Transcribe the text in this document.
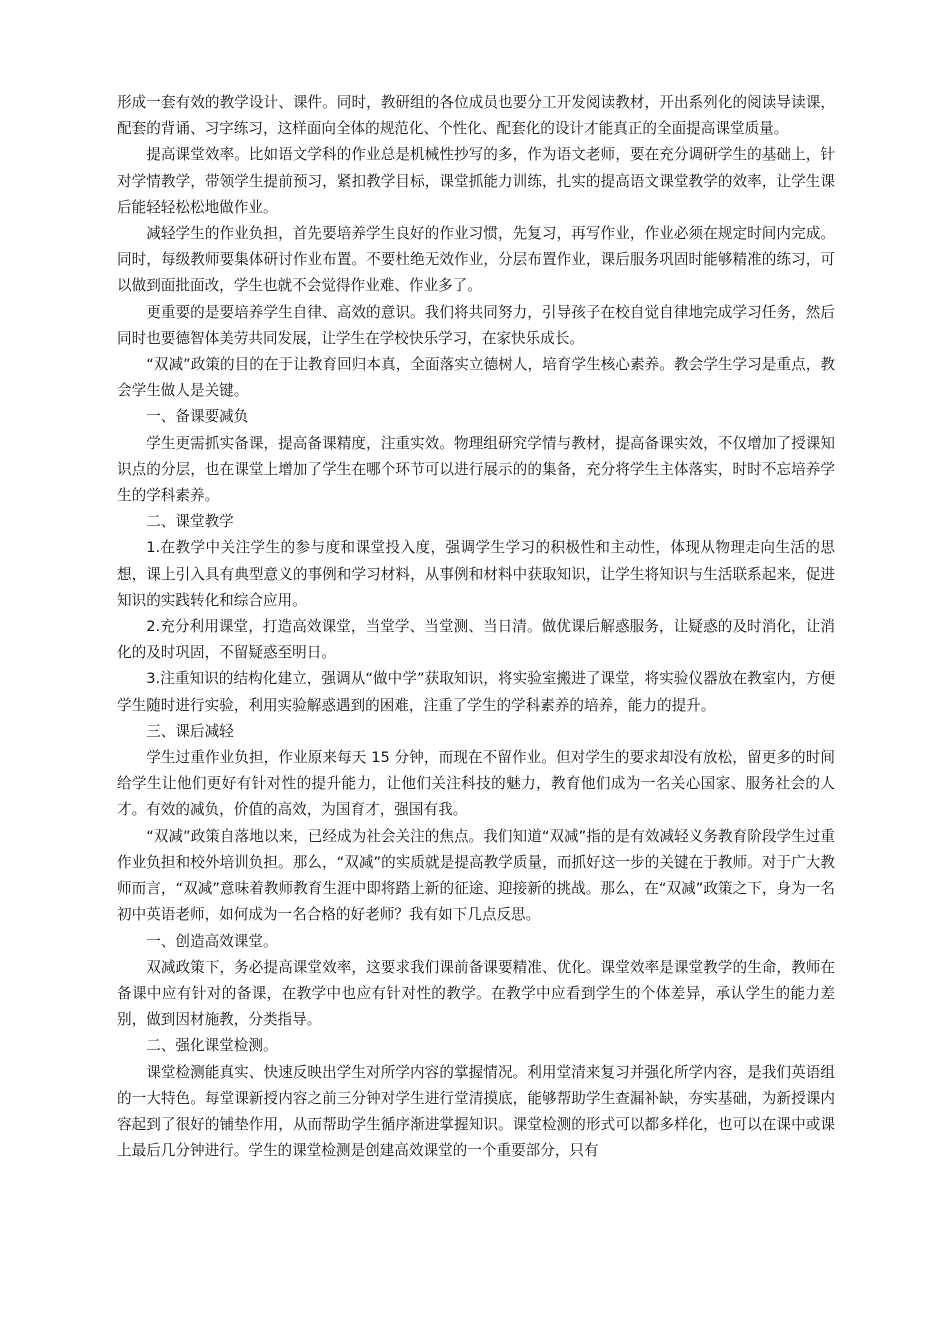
形成一套有效的教学设计、课件。同时，教研组的各位成员也要分工开发阅读教材，开出系列化的阅读导读课，配套的背诵、习字练习，这样面向全体的规范化、个性化、配套化的设计才能真正的全面提高课堂质量。

提高课堂效率。比如语文学科的作业总是机械性抄写的多，作为语文老师，要在充分调研学生的基础上，针对学情教学，带领学生提前预习，紧扣教学目标，课堂抓能力训练，扎实的提高语文课堂教学的效率，让学生课后能轻轻松松地做作业。

减轻学生的作业负担，首先要培养学生良好的作业习惯，先复习，再写作业，作业必须在规定时间内完成。同时，每级教师要集体研讨作业布置。不要杜绝无效作业，分层布置作业，课后服务巩固时能够精准的练习，可以做到面批面改，学生也就不会觉得作业难、作业多了。

更重要的是要培养学生自律、高效的意识。我们将共同努力，引导孩子在校自觉自律地完成学习任务，然后同时也要德智体美劳共同发展，让学生在学校快乐学习，在家快乐成长。

“双减”政策的目的在于让教育回归本真，全面落实立德树人，培育学生核心素养。教会学生学习是重点，教会学生做人是关键。

一、备课要减负

学生更需抓实备课，提高备课精度，注重实效。物理组研究学情与教材，提高备课实效，不仅增加了授课知识点的分层，也在课堂上增加了学生在哪个环节可以进行展示的的集备，充分将学生主体落实，时时不忘培养学生的学科素养。

二、课堂教学

1.在教学中关注学生的参与度和课堂投入度，强调学生学习的积极性和主动性，体现从物理走向生活的思想，课上引入具有典型意义的事例和学习材料，从事例和材料中获取知识，让学生将知识与生活联系起来，促进知识的实践转化和综合应用。

2.充分利用课堂，打造高效课堂，当堂学、当堂测、当日清。做优课后解惑服务，让疑惑的及时消化，让消化的及时巩固，不留疑惑至明日。

3.注重知识的结构化建立，强调从“做中学”获取知识，将实验室搬进了课堂，将实验仪器放在教室内，方便学生随时进行实验，利用实验解惑遇到的困难，注重了学生的学科素养的培养，能力的提升。

三、课后减轻

学生过重作业负担，作业原来每天 15 分钟，而现在不留作业。但对学生的要求却没有放松，留更多的时间给学生让他们更好有针对性的提升能力，让他们关注科技的魅力，教育他们成为一名关心国家、服务社会的人才。有效的减负，价值的高效，为国育才，强国有我。

“双减”政策自落地以来，已经成为社会关注的焦点。我们知道“双减”指的是有效减轻义务教育阶段学生过重作业负担和校外培训负担。那么，“双减”的实质就是提高教学质量，而抓好这一步的关键在于教师。对于广大教师而言，“双减”意味着教师教育生涯中即将踏上新的征途、迎接新的挑战。那么，在“双减”政策之下，身为一名初中英语老师，如何成为一名合格的好老师？我有如下几点反思。

一、创造高效课堂。

双减政策下，务必提高课堂效率，这要求我们课前备课要精准、优化。课堂效率是课堂教学的生命，教师在备课中应有针对的备课，在教学中也应有针对性的教学。在教学中应看到学生的个体差异，承认学生的能力差别，做到因材施教，分类指导。

二、强化课堂检测。

课堂检测能真实、快速反映出学生对所学内容的掌握情况。利用堂清来复习并强化所学内容，是我们英语组的一大特色。每堂课新授内容之前三分钟对学生进行堂清摸底，能够帮助学生查漏补缺，夯实基础，为新授课内容起到了很好的铺垫作用，从而帮助学生循序渐进掌握知识。课堂检测的形式可以都多样化，也可以在课中或课上最后几分钟进行。学生的课堂检测是创建高效课堂的一个重要部分，只有
